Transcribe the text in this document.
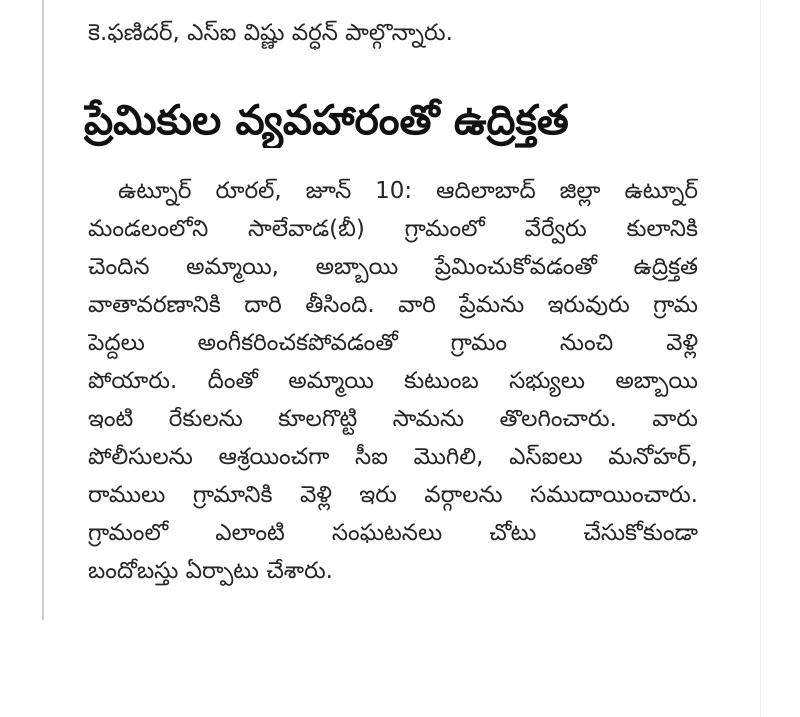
కె.ఫణిదర్, ఎస్ఐ విష్ణు వర్ధన్ పాల్గొన్నారు.
ప్రేమికుల వ్యవహారంతో ఉద్రిక్తత
ఉట్నూర్ రూరల్, జూన్ 10: ఆదిలాబాద్ జిల్లా ఉట్నూర్
మండలంలోని సాలేవాడ(బీ) గ్రామంలో వేర్వేరు కులానికి
చెందిన అమ్మాయి, అబ్బాయి ప్రేమించుకోవడంతో ఉద్రిక్తత
వాతావరణానికి దారి తీసింది. వారి ప్రేమను ఇరువురు గ్రామ
పెద్దలు అంగీకరించకపోవడంతో గ్రామం నుంచి వెళ్లి
పోయారు. దీంతో అమ్మాయి కుటుంబ సభ్యులు అబ్బాయి
ఇంటి రేకులను కూలగొట్టి సామను తొలగించారు. వారు
పోలీసులను ఆశ్రయించగా సీఐ మొగిలి, ఎస్ఐలు మనోహర్,
రాములు గ్రామానికి వెళ్లి ఇరు వర్గాలను సముదాయించారు.
గ్రామంలో ఎలాంటి సంఘటనలు చోటు చేసుకోకుండా
బందోబస్తు ఏర్పాటు చేశారు.
